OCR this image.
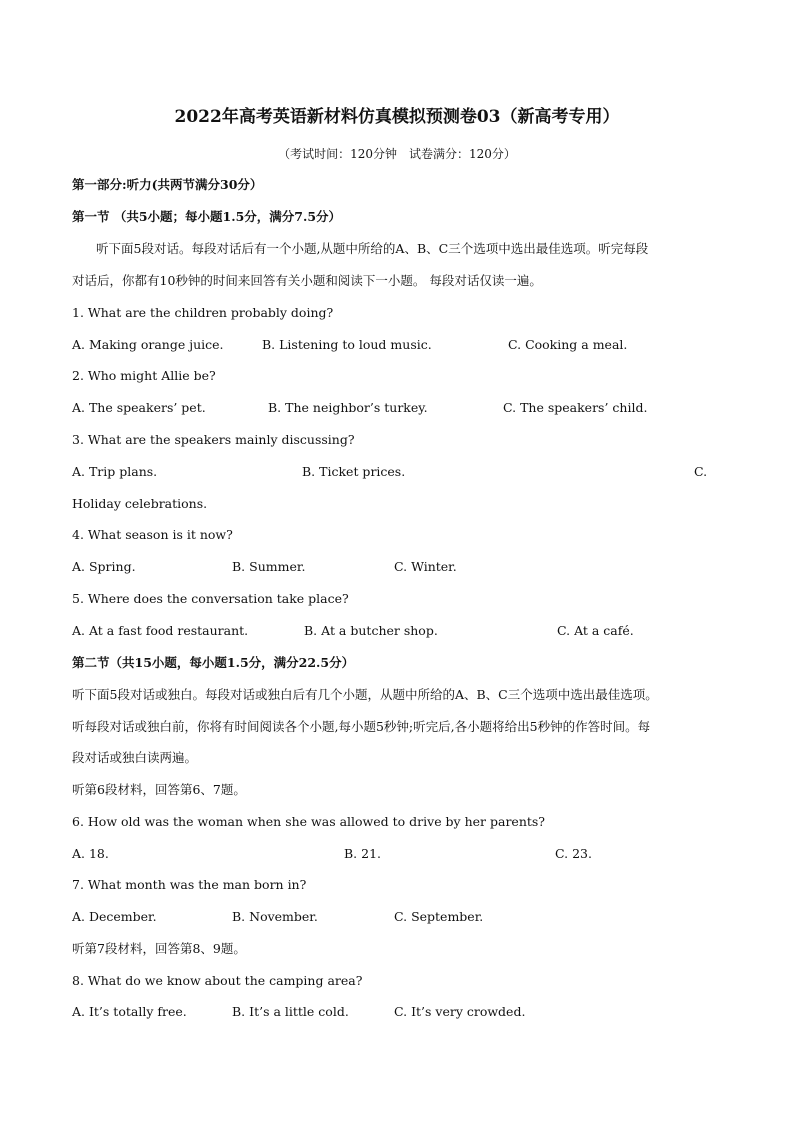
2022年高考英语新材料仿真模拟预测卷03（新高考专用）
（考试时间：120分钟　试卷满分：120分）
第一部分:听力(共两节满分30分）
第一节 （共5小题；每小题1.5分，满分7.5分）
听下面5段对话。每段对话后有一个小题,从题中所给的A、B、C三个选项中选出最佳选项。听完每段
对话后，你都有10秒钟的时间来回答有关小题和阅读下一小题。 每段对话仅读一遍。
1. What are the children probably doing?
A. Making orange juice.	B. Listening to loud music.	C. Cooking a meal.
2. Who might Allie be?
A. The speakers’ pet.	B. The neighbor’s turkey.	C. The speakers’ child.
3. What are the speakers mainly discussing?
A. Trip plans.	B. Ticket prices.	C.
Holiday celebrations.
4. What season is it now?
A. Spring.	B. Summer.	C. Winter.
5. Where does the conversation take place?
A. At a fast food restaurant.	B. At a butcher shop.	C. At a café.
第二节（共15小题，每小题1.5分，满分22.5分）
听下面5段对话或独白。每段对话或独白后有几个小题，从题中所给的A、B、C三个选项中选出最佳选项。
听每段对话或独白前，你将有时间阅读各个小题,每小题5秒钟;听完后,各小题将给出5秒钟的作答时间。每
段对话或独白读两遍。
听第6段材料，回答第6、7题。
6. How old was the woman when she was allowed to drive by her parents?
A. 18.	B. 21.	C. 23.
7. What month was the man born in?
A. December.	B. November.	C. September.
听第7段材料，回答第8、9题。
8. What do we know about the camping area?
A. It’s totally free.	B. It’s a little cold.	C. It’s very crowded.
